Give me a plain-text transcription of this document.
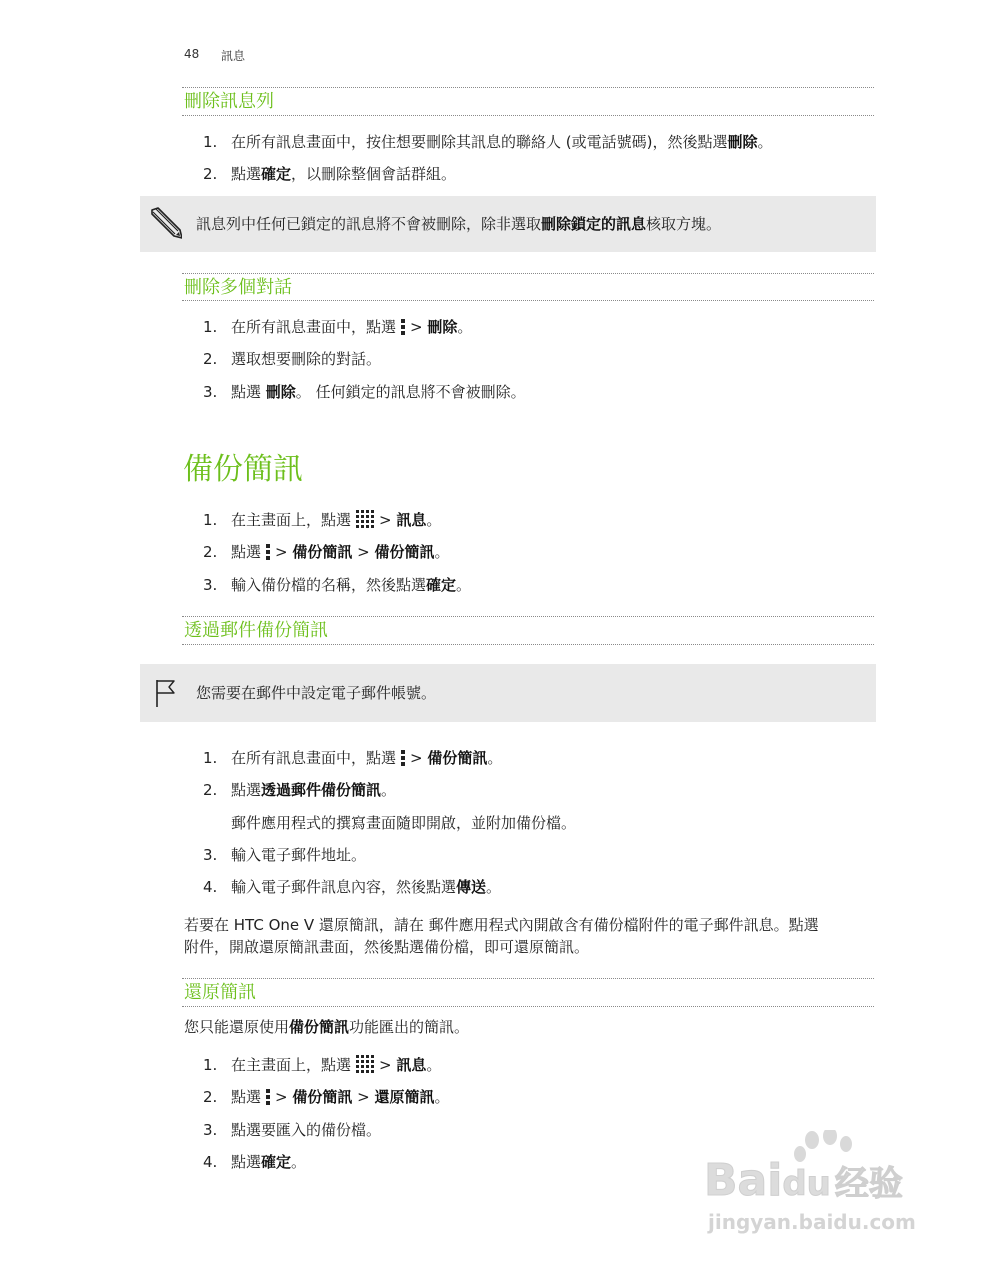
48 訊息
刪除訊息列
1. 在所有訊息畫面中，按住想要刪除其訊息的聯絡人 (或電話號碼)，然後點選刪除。
2. 點選確定，以刪除整個會話群組。
訊息列中任何已鎖定的訊息將不會被刪除，除非選取刪除鎖定的訊息核取方塊。
刪除多個對話
1. 在所有訊息畫面中，點選 > 刪除。
2. 選取想要刪除的對話。
3. 點選 刪除。 任何鎖定的訊息將不會被刪除。
備份簡訊
1. 在主畫面上，點選 > 訊息。
2. 點選 > 備份簡訊 > 備份簡訊。
3. 輸入備份檔的名稱，然後點選確定。
透過郵件備份簡訊
您需要在郵件中設定電子郵件帳號。
1. 在所有訊息畫面中，點選 > 備份簡訊。
2. 點選透過郵件備份簡訊。
郵件應用程式的撰寫畫面隨即開啟，並附加備份檔。
3. 輸入電子郵件地址。
4. 輸入電子郵件訊息內容，然後點選傳送。
若要在 HTC One V 還原簡訊，請在 郵件應用程式內開啟含有備份檔附件的電子郵件訊息。點選
附件，開啟還原簡訊畫面，然後點選備份檔，即可還原簡訊。
還原簡訊
您只能還原使用備份簡訊功能匯出的簡訊。
1. 在主畫面上，點選 > 訊息。
2. 點選 > 備份簡訊 > 還原簡訊。
3. 點選要匯入的備份檔。
4. 點選確定。	Baidu 经验
jingyan.baidu.com
